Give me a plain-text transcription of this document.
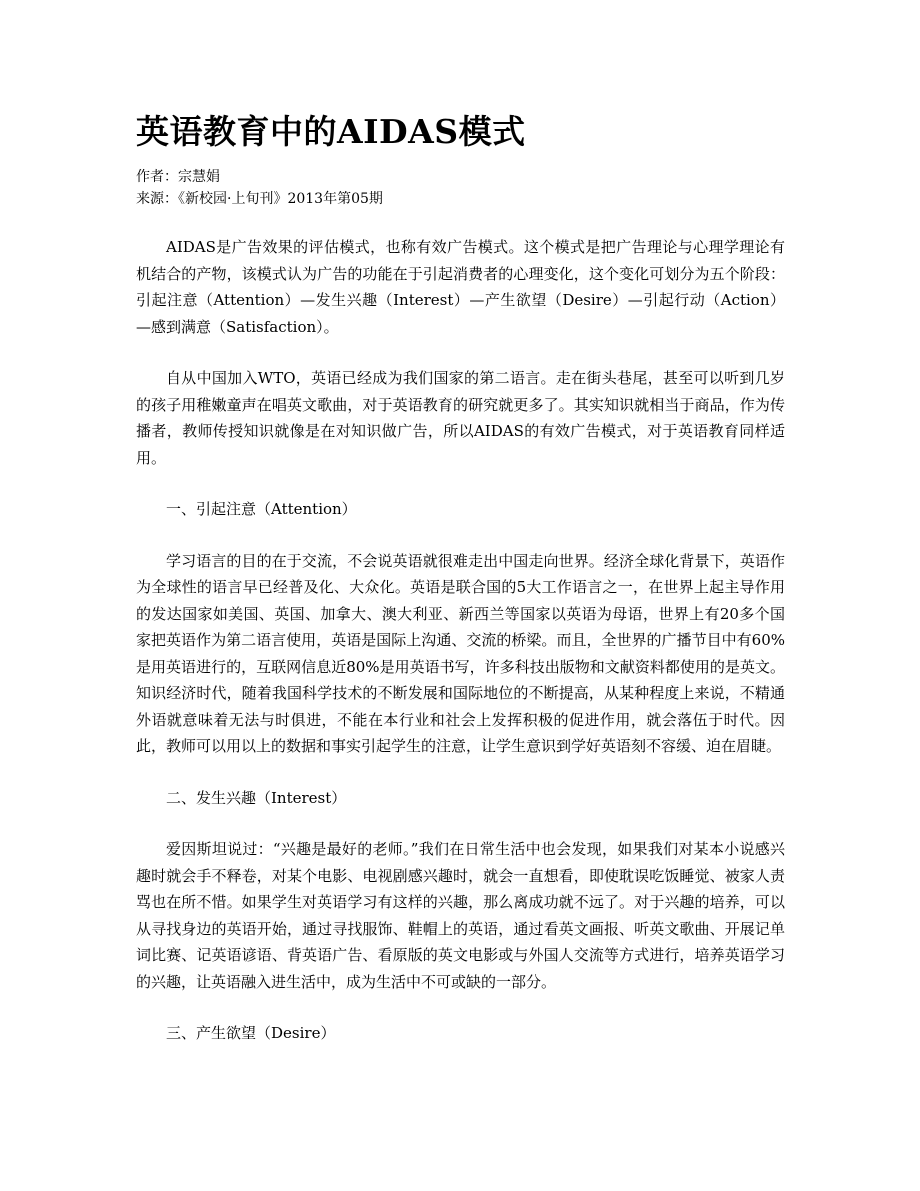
英语教育中的AIDAS模式
作者：宗慧娟
来源：《新校园·上旬刊》2013年第05期

AIDAS是广告效果的评估模式，也称有效广告模式。这个模式是把广告理论与心理学理论有机结合的产物，该模式认为广告的功能在于引起消费者的心理变化，这个变化可划分为五个阶段：引起注意（Attention）—发生兴趣（Interest）—产生欲望（Desire）—引起行动（Action）—感到满意（Satisfaction）。

自从中国加入WTO，英语已经成为我们国家的第二语言。走在街头巷尾，甚至可以听到几岁的孩子用稚嫩童声在唱英文歌曲，对于英语教育的研究就更多了。其实知识就相当于商品，作为传播者，教师传授知识就像是在对知识做广告，所以AIDAS的有效广告模式，对于英语教育同样适用。

一、引起注意（Attention）

学习语言的目的在于交流，不会说英语就很难走出中国走向世界。经济全球化背景下，英语作为全球性的语言早已经普及化、大众化。英语是联合国的5大工作语言之一，在世界上起主导作用的发达国家如美国、英国、加拿大、澳大利亚、新西兰等国家以英语为母语，世界上有20多个国家把英语作为第二语言使用，英语是国际上沟通、交流的桥梁。而且，全世界的广播节目中有60%是用英语进行的，互联网信息近80%是用英语书写，许多科技出版物和文献资料都使用的是英文。知识经济时代，随着我国科学技术的不断发展和国际地位的不断提高，从某种程度上来说，不精通外语就意味着无法与时俱进，不能在本行业和社会上发挥积极的促进作用，就会落伍于时代。因此，教师可以用以上的数据和事实引起学生的注意，让学生意识到学好英语刻不容缓、迫在眉睫。

二、发生兴趣（Interest）

爱因斯坦说过：“兴趣是最好的老师。”我们在日常生活中也会发现，如果我们对某本小说感兴趣时就会手不释卷，对某个电影、电视剧感兴趣时，就会一直想看，即使耽误吃饭睡觉、被家人责骂也在所不惜。如果学生对英语学习有这样的兴趣，那么离成功就不远了。对于兴趣的培养，可以从寻找身边的英语开始，通过寻找服饰、鞋帽上的英语，通过看英文画报、听英文歌曲、开展记单词比赛、记英语谚语、背英语广告、看原版的英文电影或与外国人交流等方式进行，培养英语学习的兴趣，让英语融入进生活中，成为生活中不可或缺的一部分。

三、产生欲望（Desire）
